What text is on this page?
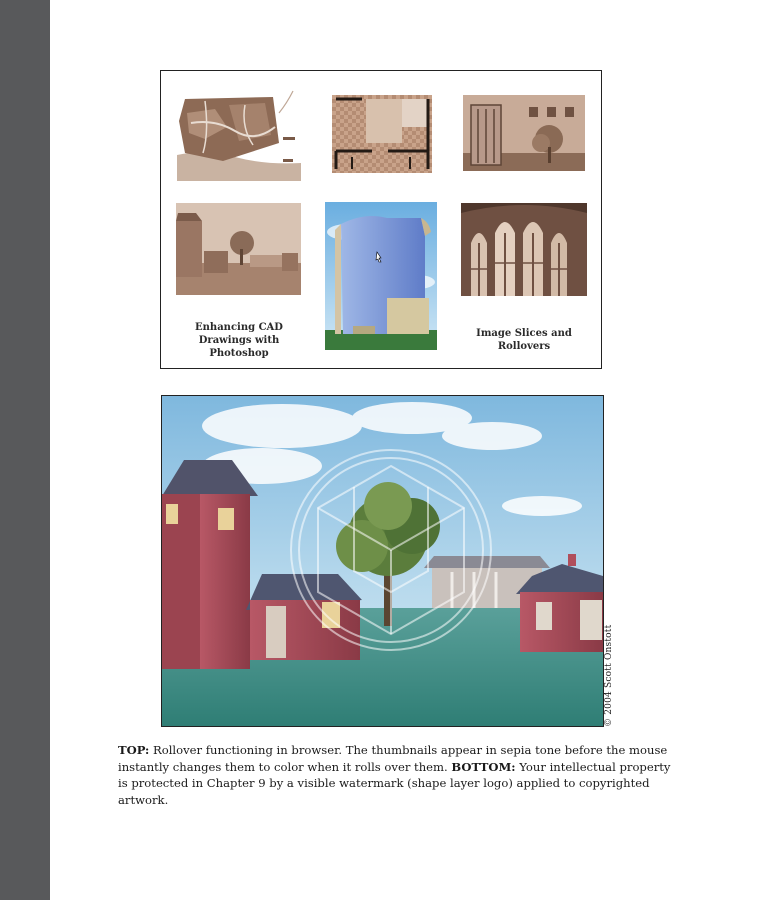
Enhancing CAD Drawings with Photoshop
Image Slices and Rollovers
© 2004 Scott Onstott
TOP: Rollover functioning in browser. The thumbnails appear in sepia tone before the mouse instantly changes them to color when it rolls over them. BOTTOM: Your intellectual property is protected in Chapter 9 by a visible watermark (shape layer logo) applied to copyrighted artwork.
